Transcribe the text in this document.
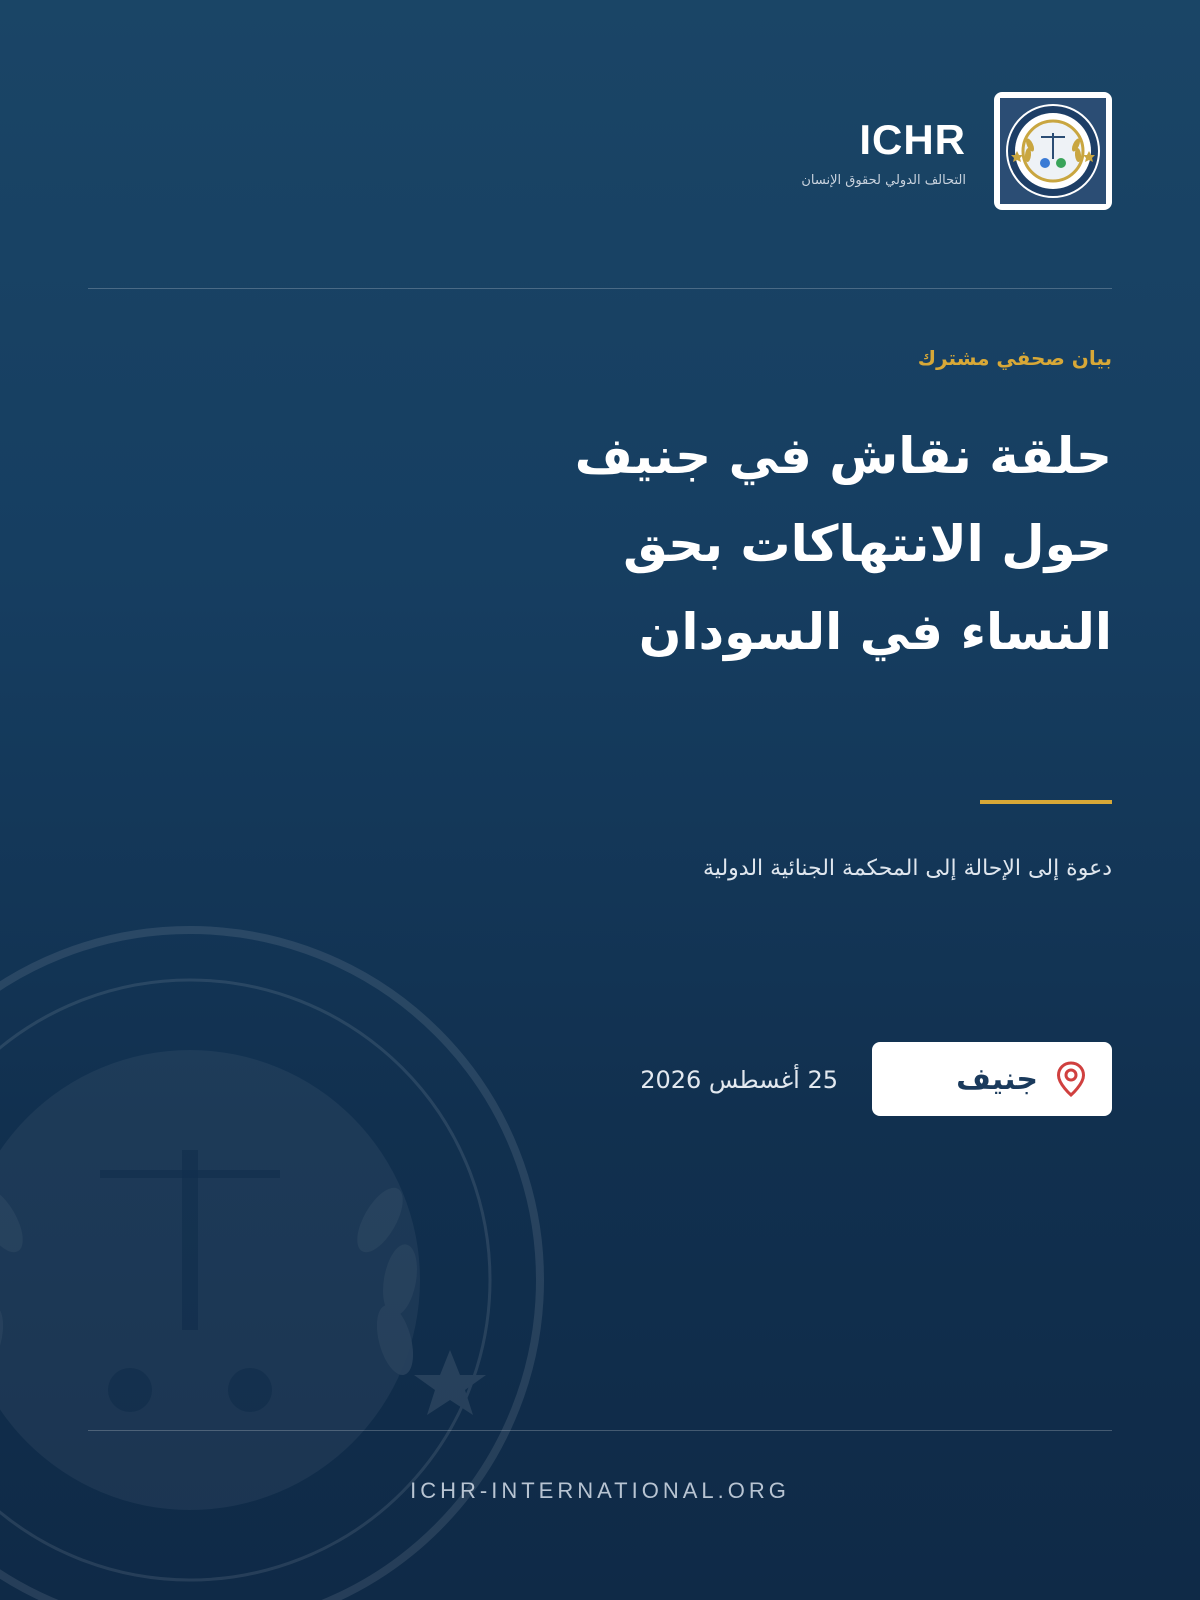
ICHR
التحالف الدولي لحقوق الإنسان
بيان صحفي مشترك
حلقة نقاش في جنيف
حول الانتهاكات بحق
النساء في السودان
دعوة إلى الإحالة إلى المحكمة الجنائية الدولية
جنيف
25 أغسطس 2026
ICHR-INTERNATIONAL.ORG
